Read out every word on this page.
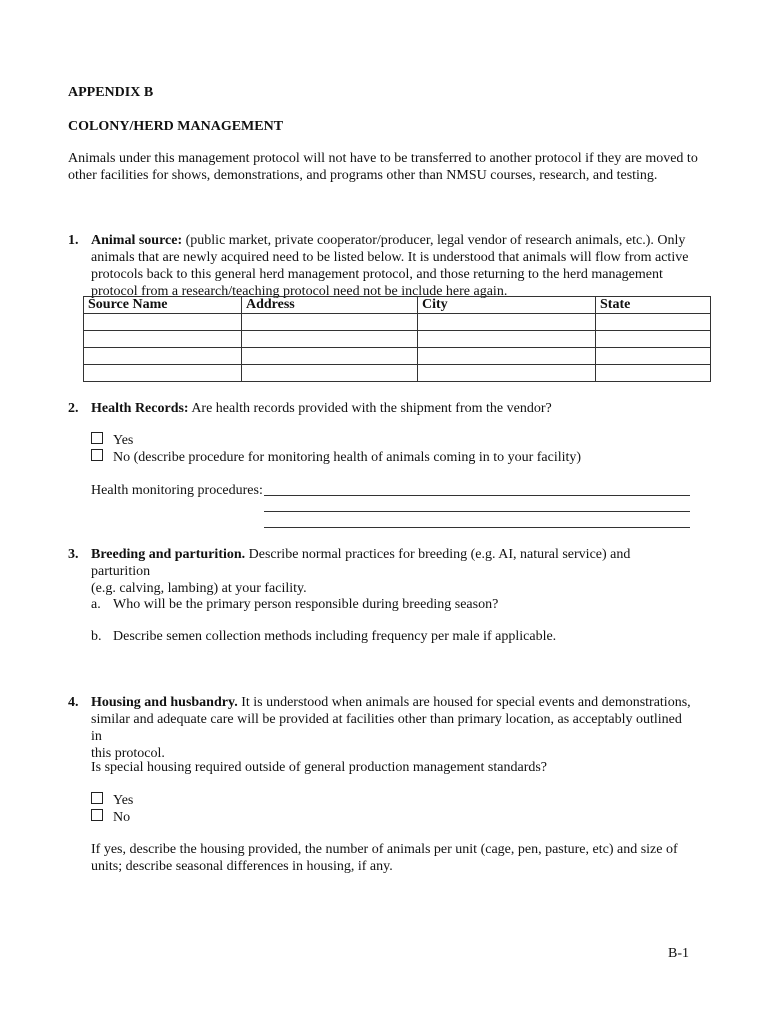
APPENDIX B
COLONY/HERD MANAGEMENT
Animals under this management protocol will not have to be transferred to another protocol if they are moved to other facilities for shows, demonstrations, and programs other than NMSU courses, research, and testing.
1. Animal source: (public market, private cooperator/producer, legal vendor of research animals, etc.). Only
animals that are newly acquired need to be listed below. It is understood that animals will flow from active
protocols back to this general herd management protocol, and those returning to the herd management
protocol from a research/teaching protocol need not be include here again.
Source Name	Address	City	State

2. Health Records: Are health records provided with the shipment from the vendor?
Yes
No (describe procedure for monitoring health of animals coming in to your facility)
Health monitoring procedures:
3. Breeding and parturition. Describe normal practices for breeding (e.g. AI, natural service) and parturition
(e.g. calving, lambing) at your facility.
a. Who will be the primary person responsible during breeding season?
b. Describe semen collection methods including frequency per male if applicable.
4. Housing and husbandry. It is understood when animals are housed for special events and demonstrations,
similar and adequate care will be provided at facilities other than primary location, as acceptably outlined in
this protocol.
Is special housing required outside of general production management standards?
Yes
No
If yes, describe the housing provided, the number of animals per unit (cage, pen, pasture, etc) and size of
units; describe seasonal differences in housing, if any.
B-1
